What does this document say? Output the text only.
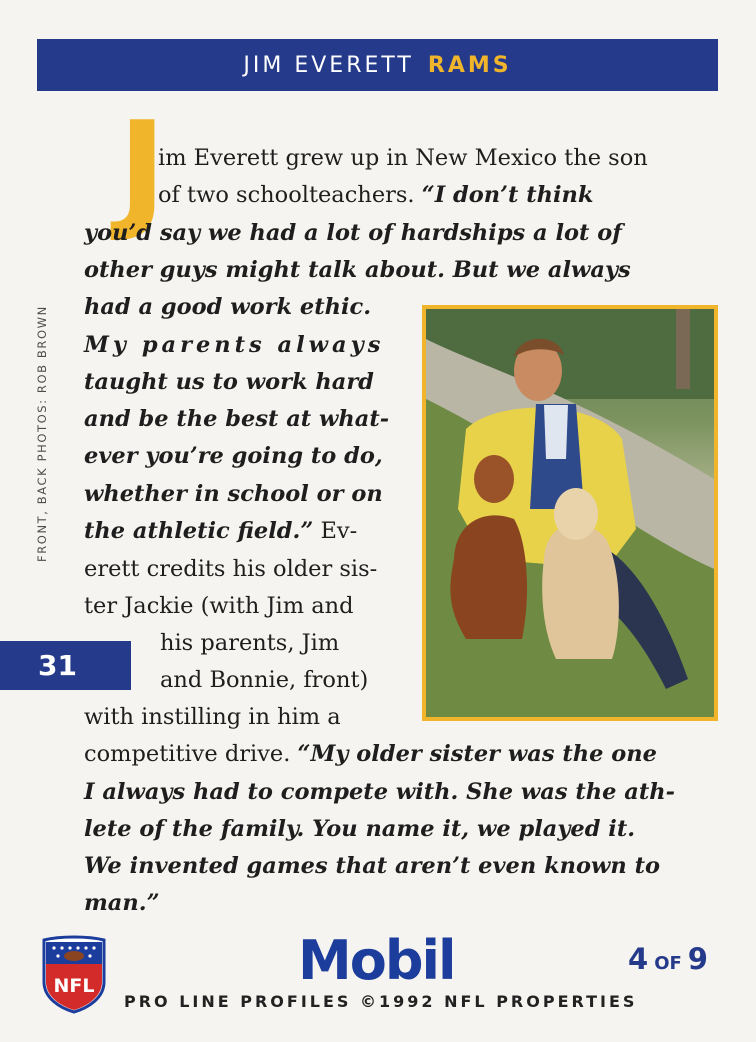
JIM EVERETT RAMS
FRONT, BACK PHOTOS: ROB BROWN
J
im Everett grew up in New Mexico the son
of two schoolteachers. “I don’t think
you’d say we had a lot of hardships a lot of
other guys might talk about. But we always
had a good work ethic.
My parents always
taught us to work hard
and be the best at what-
ever you’re going to do,
whether in school or on
the athletic field.” Ev-
erett credits his older sis-
ter Jackie (with Jim and
his parents, Jim
and Bonnie, front)
with instilling in him a
competitive drive. “My older sister was the one
I always had to compete with. She was the ath-
lete of the family. You name it, we played it.
We invented games that aren’t even known to
man.”
31
NFL	Mobil	4 OF 9
PRO LINE PROFILES ©1992 NFL PROPERTIES
